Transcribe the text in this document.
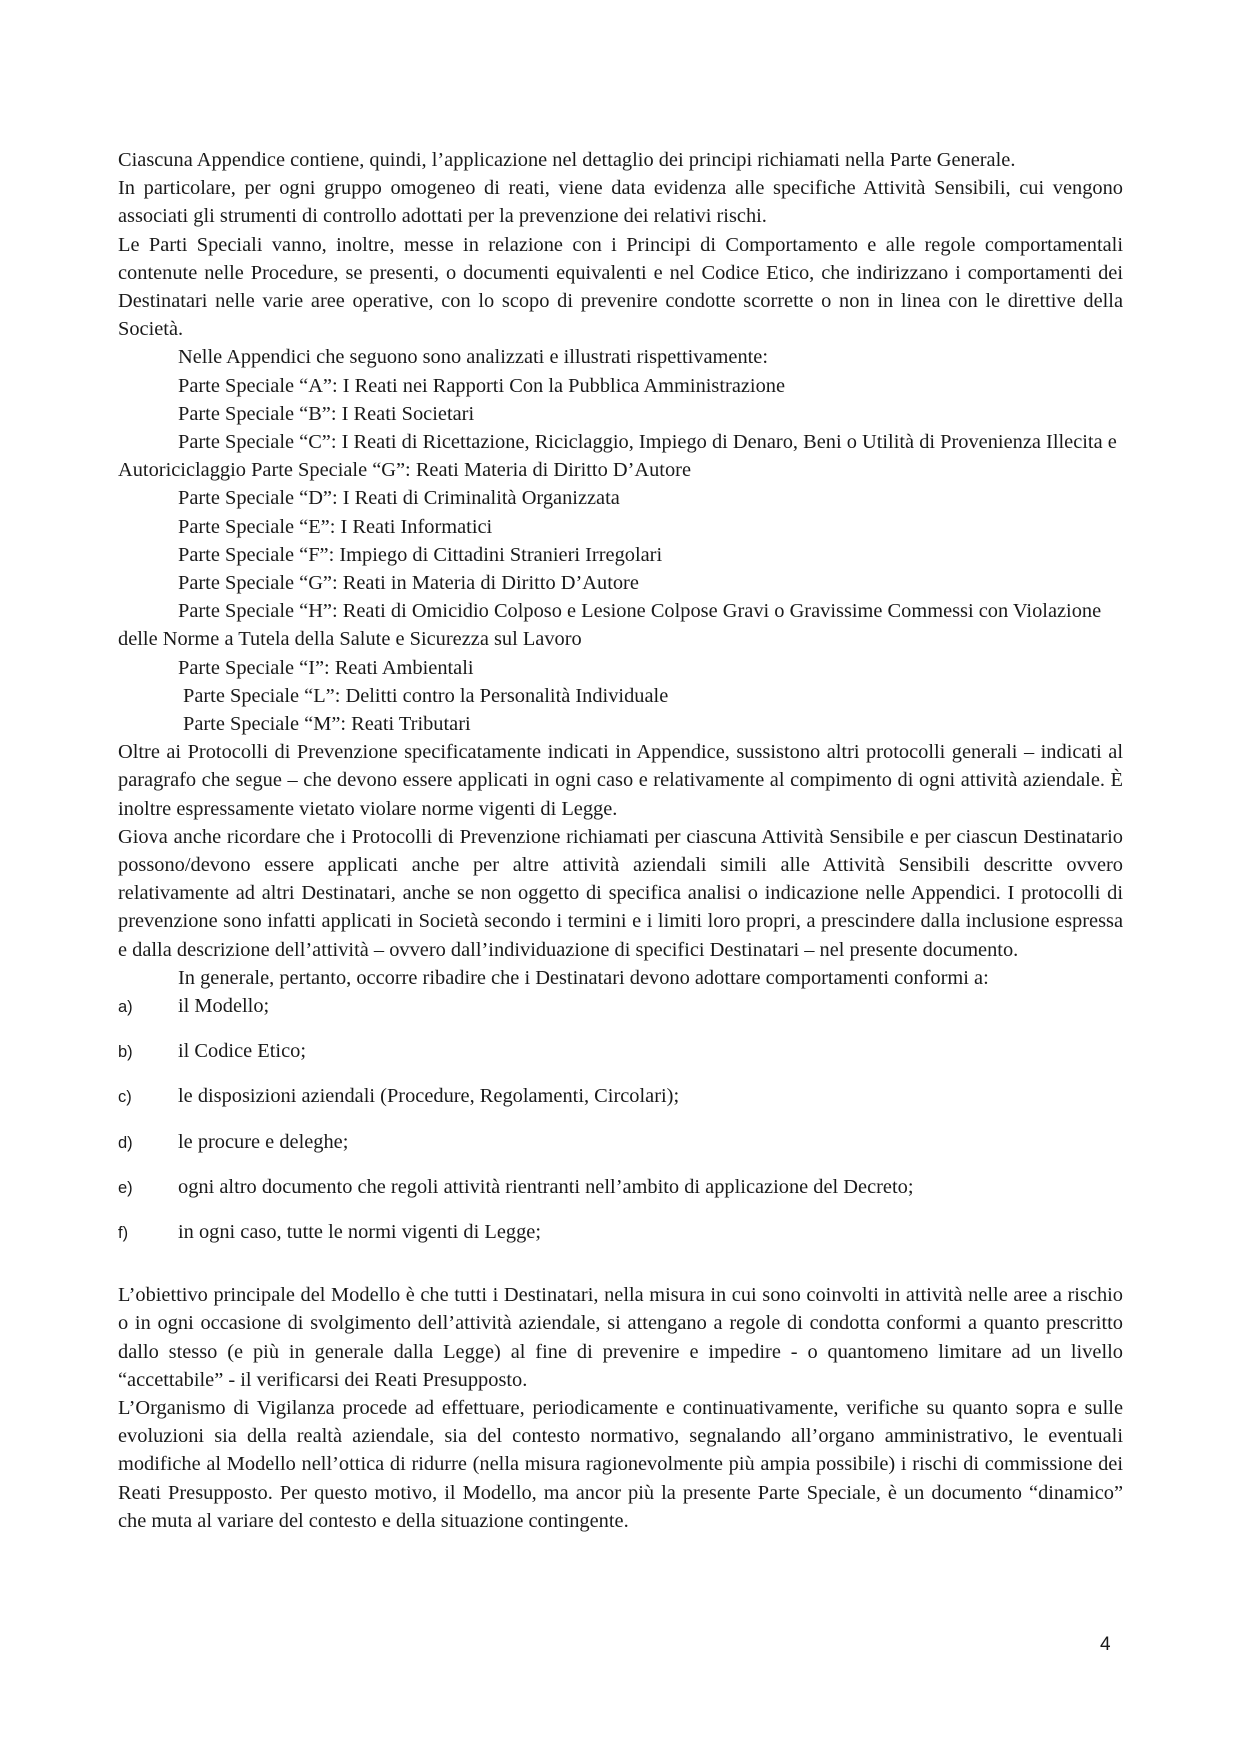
Ciascuna Appendice contiene, quindi, l’applicazione nel dettaglio dei principi richiamati nella Parte Generale.

In particolare, per ogni gruppo omogeneo di reati, viene data evidenza alle specifiche Attività Sensibili, cui vengono associati gli strumenti di controllo adottati per la prevenzione dei relativi rischi.

Le Parti Speciali vanno, inoltre, messe in relazione con i Principi di Comportamento e alle regole comportamentali contenute nelle Procedure, se presenti, o documenti equivalenti e nel Codice Etico, che indirizzano i comportamenti dei Destinatari nelle varie aree operative, con lo scopo di prevenire condotte scorrette o non in linea con le direttive della Società.

Nelle Appendici che seguono sono analizzati e illustrati rispettivamente:

Parte Speciale “A”: I Reati nei Rapporti Con la Pubblica Amministrazione

Parte Speciale “B”: I Reati Societari

Parte Speciale “C”: I Reati di Ricettazione, Riciclaggio, Impiego di Denaro, Beni o Utilità di Provenienza Illecita e Autoriciclaggio Parte Speciale “G”: Reati Materia di Diritto D’Autore

Parte Speciale “D”: I Reati di Criminalità Organizzata

Parte Speciale “E”: I Reati Informatici

Parte Speciale “F”: Impiego di Cittadini Stranieri Irregolari

Parte Speciale “G”: Reati in Materia di Diritto D’Autore

Parte Speciale “H”: Reati di Omicidio Colposo e Lesione Colpose Gravi o Gravissime Commessi con Violazione delle Norme a Tutela della Salute e Sicurezza sul Lavoro

Parte Speciale “I”: Reati Ambientali

Parte Speciale “L”: Delitti contro la Personalità Individuale

Parte Speciale “M”: Reati Tributari

Oltre ai Protocolli di Prevenzione specificatamente indicati in Appendice, sussistono altri protocolli generali – indicati al paragrafo che segue – che devono essere applicati in ogni caso e relativamente al compimento di ogni attività aziendale. È inoltre espressamente vietato violare norme vigenti di Legge.

Giova anche ricordare che i Protocolli di Prevenzione richiamati per ciascuna Attività Sensibile e per ciascun Destinatario possono/devono essere applicati anche per altre attività aziendali simili alle Attività Sensibili descritte ovvero relativamente ad altri Destinatari, anche se non oggetto di specifica analisi o indicazione nelle Appendici. I protocolli di prevenzione sono infatti applicati in Società secondo i termini e i limiti loro propri, a prescindere dalla inclusione espressa e dalla descrizione dell’attività – ovvero dall’individuazione di specifici Destinatari – nel presente documento.

In generale, pertanto, occorre ribadire che i Destinatari devono adottare comportamenti conformi a:

a)	il Modello;
b)	il Codice Etico;
c)	le disposizioni aziendali (Procedure, Regolamenti, Circolari);
d)	le procure e deleghe;
e)	ogni altro documento che regoli attività rientranti nell’ambito di applicazione del Decreto;
f)	in ogni caso, tutte le normi vigenti di Legge;

L’obiettivo principale del Modello è che tutti i Destinatari, nella misura in cui sono coinvolti in attività nelle aree a rischio o in ogni occasione di svolgimento dell’attività aziendale, si attengano a regole di condotta conformi a quanto prescritto dallo stesso (e più in generale dalla Legge) al fine di prevenire e impedire - o quantomeno limitare ad un livello “accettabile” - il verificarsi dei Reati Presupposto.

L’Organismo di Vigilanza procede ad effettuare, periodicamente e continuativamente, verifiche su quanto sopra e sulle evoluzioni sia della realtà aziendale, sia del contesto normativo, segnalando all’organo amministrativo, le eventuali modifiche al Modello nell’ottica di ridurre (nella misura ragionevolmente più ampia possibile) i rischi di commissione dei Reati Presupposto. Per questo motivo, il Modello, ma ancor più la presente Parte Speciale, è un documento “dinamico” che muta al variare del contesto e della situazione contingente.

4
